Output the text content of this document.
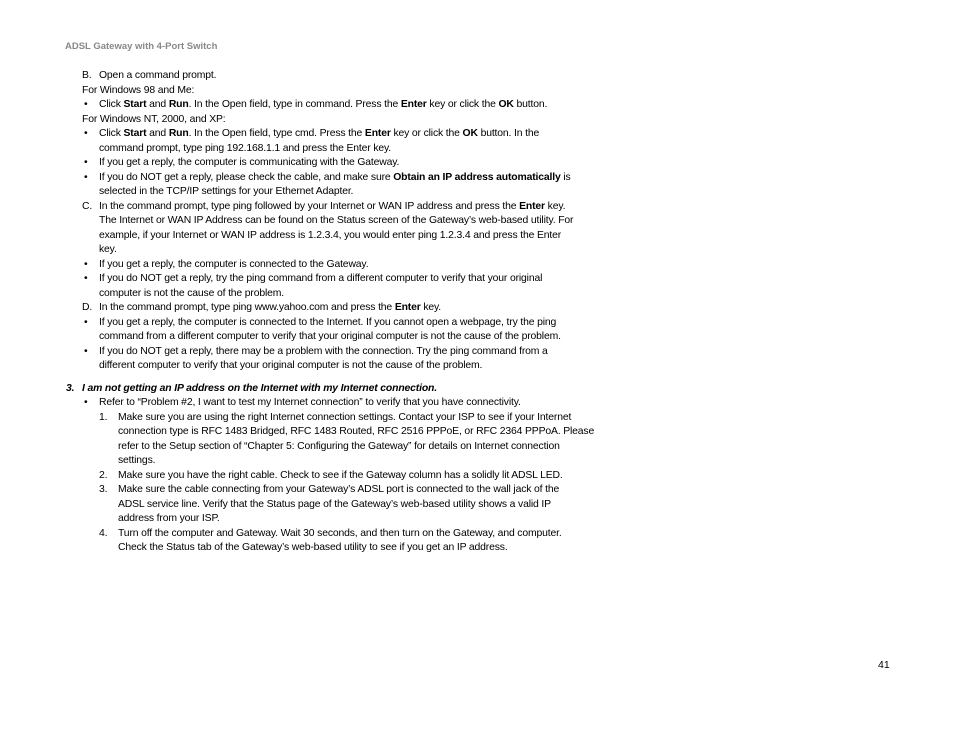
ADSL Gateway with 4-Port Switch
B. Open a command prompt.
For Windows 98 and Me:
• Click Start and Run. In the Open field, type in command. Press the Enter key or click the OK button.
For Windows NT, 2000, and XP:
• Click Start and Run. In the Open field, type cmd. Press the Enter key or click the OK button. In the
command prompt, type ping 192.168.1.1 and press the Enter key.
• If you get a reply, the computer is communicating with the Gateway.
• If you do NOT get a reply, please check the cable, and make sure Obtain an IP address automatically is
selected in the TCP/IP settings for your Ethernet Adapter.
C. In the command prompt, type ping followed by your Internet or WAN IP address and press the Enter key.
The Internet or WAN IP Address can be found on the Status screen of the Gateway’s web-based utility. For
example, if your Internet or WAN IP address is 1.2.3.4, you would enter ping 1.2.3.4 and press the Enter
key.
• If you get a reply, the computer is connected to the Gateway.
• If you do NOT get a reply, try the ping command from a different computer to verify that your original
computer is not the cause of the problem.
D. In the command prompt, type ping www.yahoo.com and press the Enter key.
• If you get a reply, the computer is connected to the Internet. If you cannot open a webpage, try the ping
command from a different computer to verify that your original computer is not the cause of the problem.
• If you do NOT get a reply, there may be a problem with the connection. Try the ping command from a
different computer to verify that your original computer is not the cause of the problem.
3. I am not getting an IP address on the Internet with my Internet connection.
• Refer to “Problem #2, I want to test my Internet connection” to verify that you have connectivity.
1. Make sure you are using the right Internet connection settings. Contact your ISP to see if your Internet
connection type is RFC 1483 Bridged, RFC 1483 Routed, RFC 2516 PPPoE, or RFC 2364 PPPoA. Please
refer to the Setup section of “Chapter 5: Configuring the Gateway” for details on Internet connection
settings.
2. Make sure you have the right cable. Check to see if the Gateway column has a solidly lit ADSL LED.
3. Make sure the cable connecting from your Gateway’s ADSL port is connected to the wall jack of the
ADSL service line. Verify that the Status page of the Gateway’s web-based utility shows a valid IP
address from your ISP.
4. Turn off the computer and Gateway. Wait 30 seconds, and then turn on the Gateway, and computer.
Check the Status tab of the Gateway’s web-based utility to see if you get an IP address.
41
